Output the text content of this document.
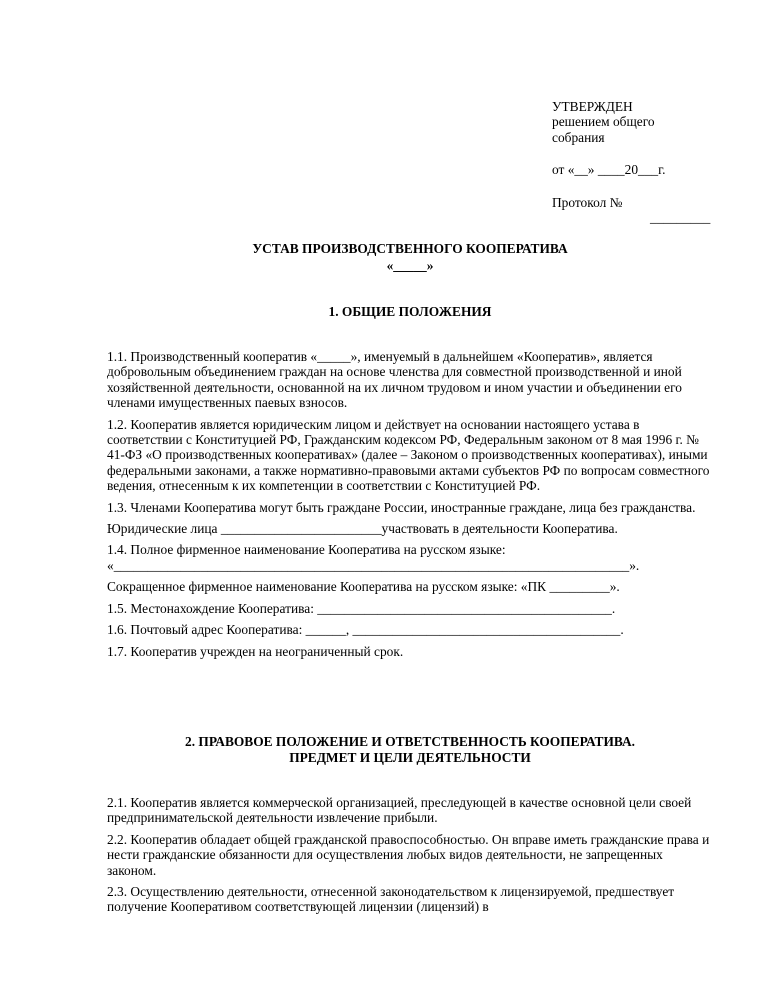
УТВЕРЖДЕН

решением общего

собрания

от «__» ____20___г.

Протокол №

_________

УСТАВ ПРОИЗВОДСТВЕННОГО КООПЕРАТИВА

«_____»

1. ОБЩИЕ ПОЛОЖЕНИЯ

1.1. Производственный кооператив «_____», именуемый в дальнейшем «Кооператив», является добровольным объединением граждан на основе членства для совместной производственной и иной хозяйственной деятельности, основанной на их личном трудовом и ином участии и объединении его членами имущественных паевых взносов.

1.2. Кооператив является юридическим лицом и действует на основании настоящего устава в соответствии с Конституцией РФ, Гражданским кодексом РФ, Федеральным законом от 8 мая 1996 г. № 41-ФЗ «О производственных кооперативах» (далее – Законом о производственных кооперативах), иными федеральными законами, а также нормативно-правовыми актами субъектов РФ по вопросам совместного ведения, отнесенным к их компетенции в соответствии с Конституцией РФ.

1.3. Членами Кооператива могут быть граждане России, иностранные граждане, лица без гражданства.

Юридические лица ________________________участвовать в деятельности Кооператива.

1.4. Полное фирменное наименование Кооператива на русском языке:

«_____________________________________________________________________________».

Сокращенное фирменное наименование Кооператива на русском языке: «ПК _________».

1.5. Местонахождение Кооператива: ____________________________________________.

1.6. Почтовый адрес Кооператива: ______, ________________________________________.

1.7. Кооператив учрежден на неограниченный срок.

2. ПРАВОВОЕ ПОЛОЖЕНИЕ И ОТВЕТСТВЕННОСТЬ КООПЕРАТИВА.

ПРЕДМЕТ И ЦЕЛИ ДЕЯТЕЛЬНОСТИ

2.1. Кооператив является коммерческой организацией, преследующей в качестве основной цели своей предпринимательской деятельности извлечение прибыли.

2.2. Кооператив обладает общей гражданской правоспособностью. Он вправе иметь гражданские права и нести гражданские обязанности для осуществления любых видов деятельности, не запрещенных законом.

2.3. Осуществлению деятельности, отнесенной законодательством к лицензируемой, предшествует получение Кооперативом соответствующей лицензии (лицензий) в
